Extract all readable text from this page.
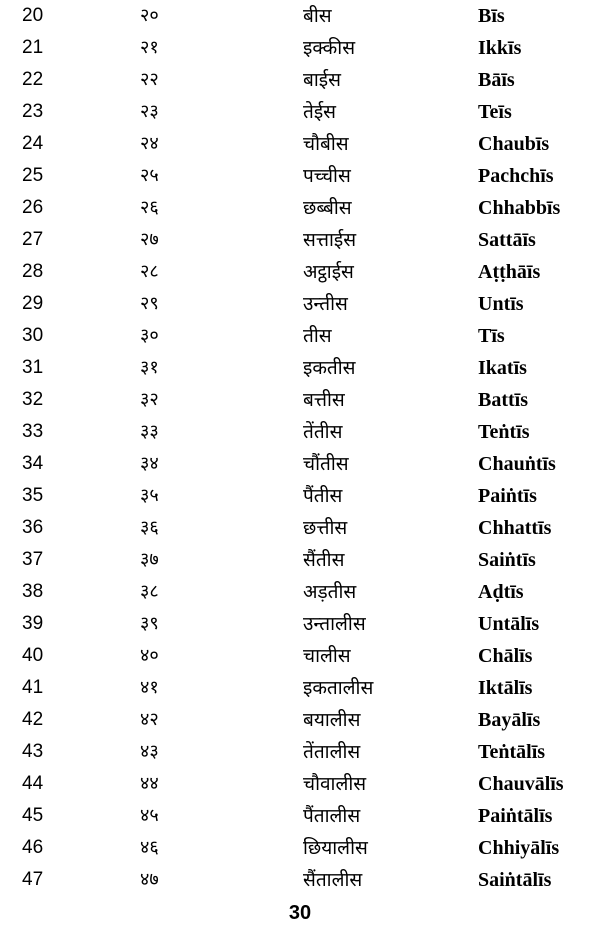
20	२०	बीस	Bīs
21	२१	इक्कीस	Ikkīs
22	२२	बाईस	Bāīs
23	२३	तेईस	Teīs
24	२४	चौबीस	Chaubīs
25	२५	पच्चीस	Pachchīs
26	२६	छब्बीस	Chhabbīs
27	२७	सत्ताईस	Sattāīs
28	२८	अट्ठाईस	Aṭṭhāīs
29	२९	उन्तीस	Untīs
30	३०	तीस	Tīs
31	३१	इकतीस	Ikatīs
32	३२	बत्तीस	Battīs
33	३३	तेंतीस	Teṅtīs
34	३४	चौंतीस	Chauṅtīs
35	३५	पैंतीस	Paiṅtīs
36	३६	छत्तीस	Chhattīs
37	३७	सैंतीस	Saiṅtīs
38	३८	अड़तीस	Aḍtīs
39	३९	उन्तालीस	Untālīs
40	४०	चालीस	Chālīs
41	४१	इकतालीस	Iktālīs
42	४२	बयालीस	Bayālīs
43	४३	तेंतालीस	Teṅtālīs
44	४४	चौवालीस	Chauvālīs
45	४५	पैंतालीस	Paiṅtālīs
46	४६	छियालीस	Chhiyālīs
47	४७	सैंतालीस	Saiṅtālīs
30
